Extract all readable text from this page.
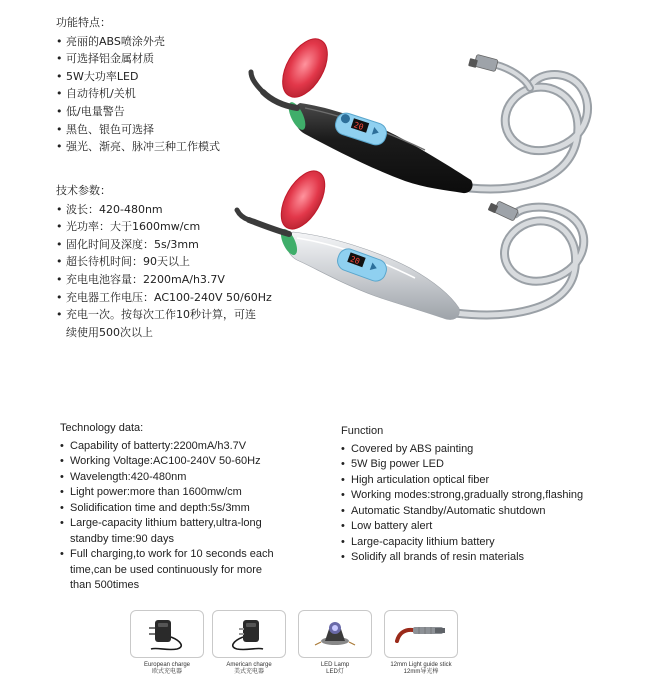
功能特点：
• 亮丽的ABS喷涂外壳
• 可选择铝金属材质
• 5W大功率LED
• 自动待机/关机
• 低/电量警告
• 黑色、银色可选择
• 强光、渐亮、脉冲三种工作模式
技术参数：
• 波长：420-480nm
• 光功率：大于1600mw/cm
• 固化时间及深度：5s/3mm
• 超长待机时间：90天以上
• 充电电池容量：2200mA/h3.7V
• 充电器工作电压：AC100-240V 50/60Hz
• 充电一次。按每次工作10秒计算，可连
续使用500次以上
20
20
Technology data:
• Capability of batterty:2200mA/h3.7V
• Working Voltage:AC100-240V 50-60Hz
• Wavelength:420-480nm
• Light power:more than 1600mw/cm
• Solidification time and depth:5s/3mm
• Large-capacity lithium battery,ultra-long
standby time:90 days
• Full charging,to work for 10 seconds each
time,can be used continuously for more
than 500times
Function
• Covered by ABS painting
• 5W Big power LED
• High articulation optical fiber
• Working modes:strong,gradually strong,flashing
• Automatic Standby/Automatic shutdown
• Low battery alert
• Large-capacity lithium battery
• Solidify all brands of resin materials
European charge
欧式充电器
American charge
美式充电器
LED Lamp
LED灯
12mm Light guide stick
12mm导光棒
